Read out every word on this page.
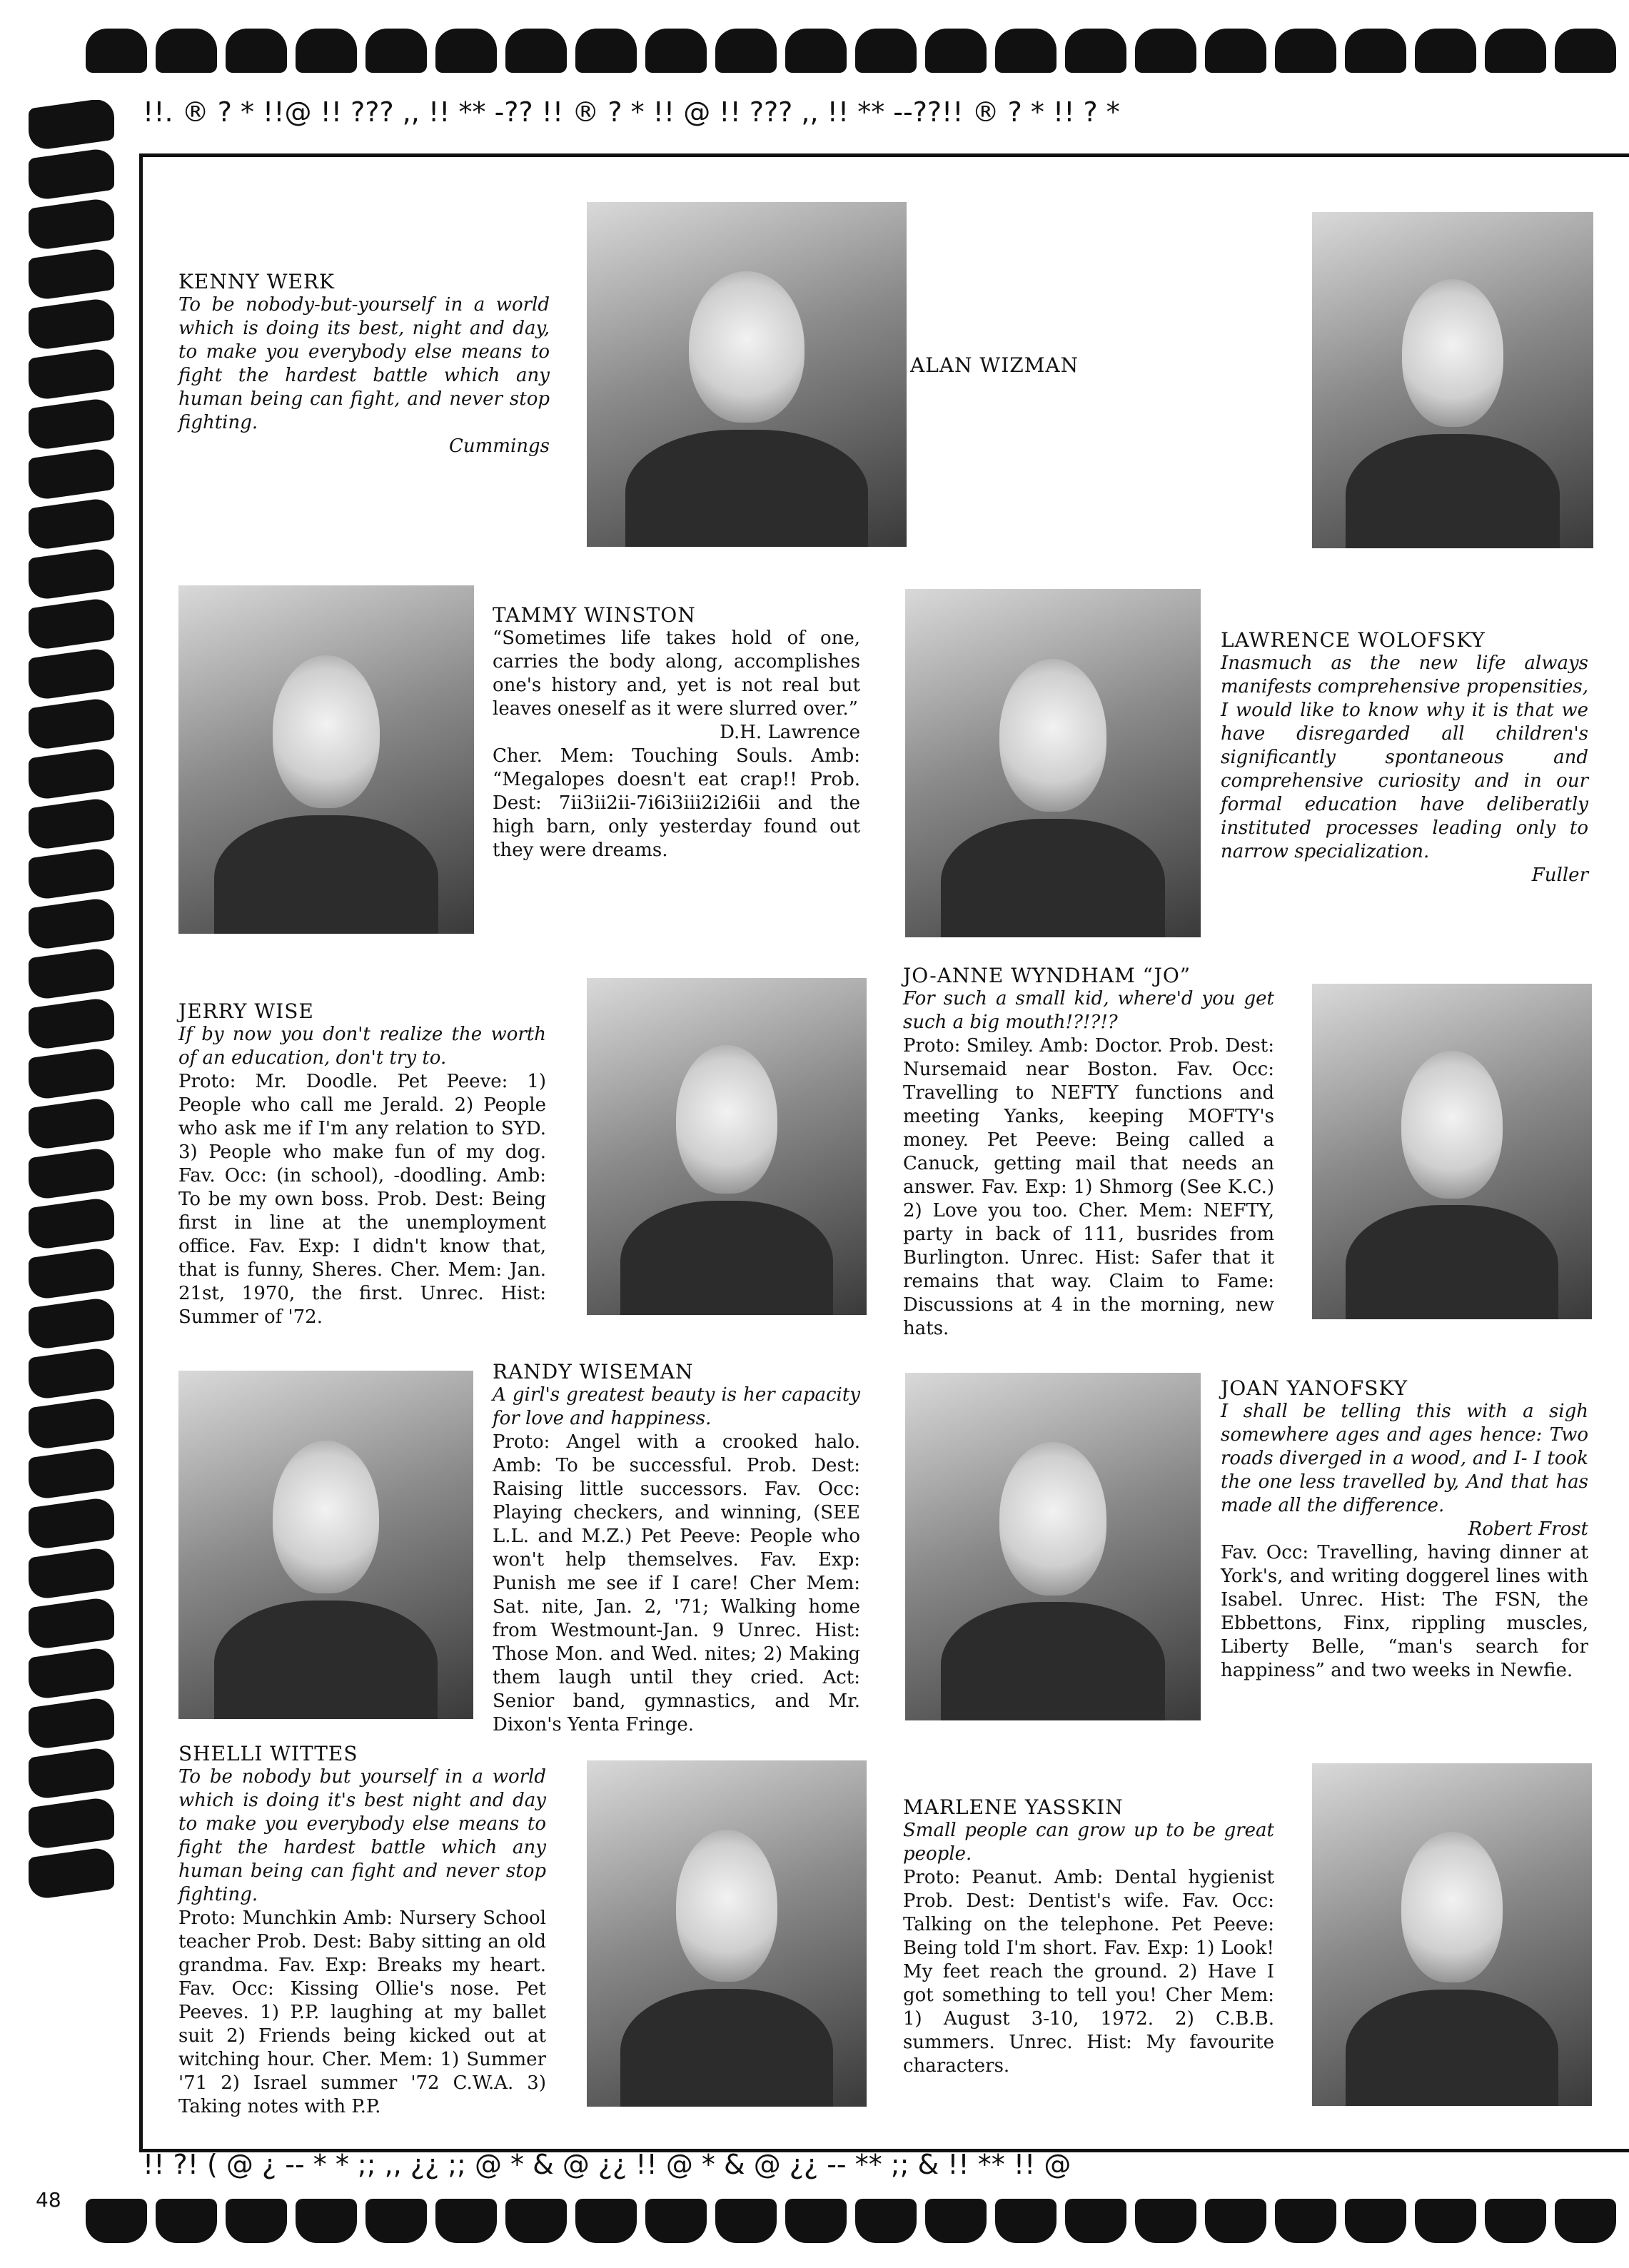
!!. ® ? * !!@ !! ??? ,, !! ** -?? !! ® ? * !! @ !! ??? ,, !! ** --??!! ® ? * !! ? *
!! ?! ( @ ¿ -- * * ;; ,, ¿¿ ;; @ * & @ ¿¿ !! @ * & @ ¿¿ -- ** ;; & !! ** !! @
48

KENNY WERK

To be nobody-but-yourself in a world which is doing its best, night and day, to make you everybody else means to fight the hardest battle which any human being can fight, and never stop fighting.

Cummings

ALAN WIZMAN

TAMMY WINSTON

“Sometimes life takes hold of one, carries the body along, accomplishes one's history and, yet is not real but leaves oneself as it were slurred over.”

D.H. Lawrence

Cher. Mem: Touching Souls. Amb: “Megalopes doesn't eat crap!! Prob. Dest: 7ii3ii2ii-7i6i3iii2i2i6ii and the high barn, only yesterday found out they were dreams.

LAWRENCE WOLOFSKY

Inasmuch as the new life always manifests comprehensive propensities, I would like to know why it is that we have disregarded all children's significantly spontaneous and comprehensive curiosity and in our formal education have deliberatly instituted processes leading only to narrow specialization.

Fuller

JERRY WISE

If by now you don't realize the worth of an education, don't try to.

Proto: Mr. Doodle. Pet Peeve: 1) People who call me Jerald. 2) People who ask me if I'm any relation to SYD. 3) People who make fun of my dog. Fav. Occ: (in school), -doodling. Amb: To be my own boss. Prob. Dest: Being first in line at the unemployment office. Fav. Exp: I didn't know that, that is funny, Sheres. Cher. Mem: Jan. 21st, 1970, the first. Unrec. Hist: Summer of '72.

JO-ANNE WYNDHAM “JO”

For such a small kid, where'd you get such a big mouth!?!?!?

Proto: Smiley. Amb: Doctor. Prob. Dest: Nursemaid near Boston. Fav. Occ: Travelling to NEFTY functions and meeting Yanks, keeping MOFTY's money. Pet Peeve: Being called a Canuck, getting mail that needs an answer. Fav. Exp: 1) Shmorg (See K.C.) 2) Love you too. Cher. Mem: NEFTY, party in back of 111, busrides from Burlington. Unrec. Hist: Safer that it remains that way. Claim to Fame: Discussions at 4 in the morning, new hats.

RANDY WISEMAN

A girl's greatest beauty is her capacity for love and happiness.

Proto: Angel with a crooked halo. Amb: To be successful. Prob. Dest: Raising little successors. Fav. Occ: Playing checkers, and winning, (SEE L.L. and M.Z.) Pet Peeve: People who won't help themselves. Fav. Exp: Punish me see if I care! Cher Mem: Sat. nite, Jan. 2, '71; Walking home from Westmount-Jan. 9 Unrec. Hist: Those Mon. and Wed. nites; 2) Making them laugh until they cried. Act: Senior band, gymnastics, and Mr. Dixon's Yenta Fringe.

JOAN YANOFSKY

I shall be telling this with a sigh somewhere ages and ages hence: Two roads diverged in a wood, and I- I took the one less travelled by, And that has made all the difference.

Robert Frost

Fav. Occ: Travelling, having dinner at York's, and writing doggerel lines with Isabel. Unrec. Hist: The FSN, the Ebbettons, Finx, rippling muscles, Liberty Belle, “man's search for happiness” and two weeks in Newfie.

SHELLI WITTES

To be nobody but yourself in a world which is doing it's best night and day to make you everybody else means to fight the hardest battle which any human being can fight and never stop fighting.

Proto: Munchkin Amb: Nursery School teacher Prob. Dest: Baby sitting an old grandma. Fav. Exp: Breaks my heart. Fav. Occ: Kissing Ollie's nose. Pet Peeves. 1) P.P. laughing at my ballet suit 2) Friends being kicked out at witching hour. Cher. Mem: 1) Summer '71 2) Israel summer '72 C.W.A. 3) Taking notes with P.P.

MARLENE YASSKIN

Small people can grow up to be great people.

Proto: Peanut. Amb: Dental hygienist Prob. Dest: Dentist's wife. Fav. Occ: Talking on the telephone. Pet Peeve: Being told I'm short. Fav. Exp: 1) Look! My feet reach the ground. 2) Have I got something to tell you! Cher Mem: 1) August 3-10, 1972. 2) C.B.B. summers. Unrec. Hist: My favourite characters.
